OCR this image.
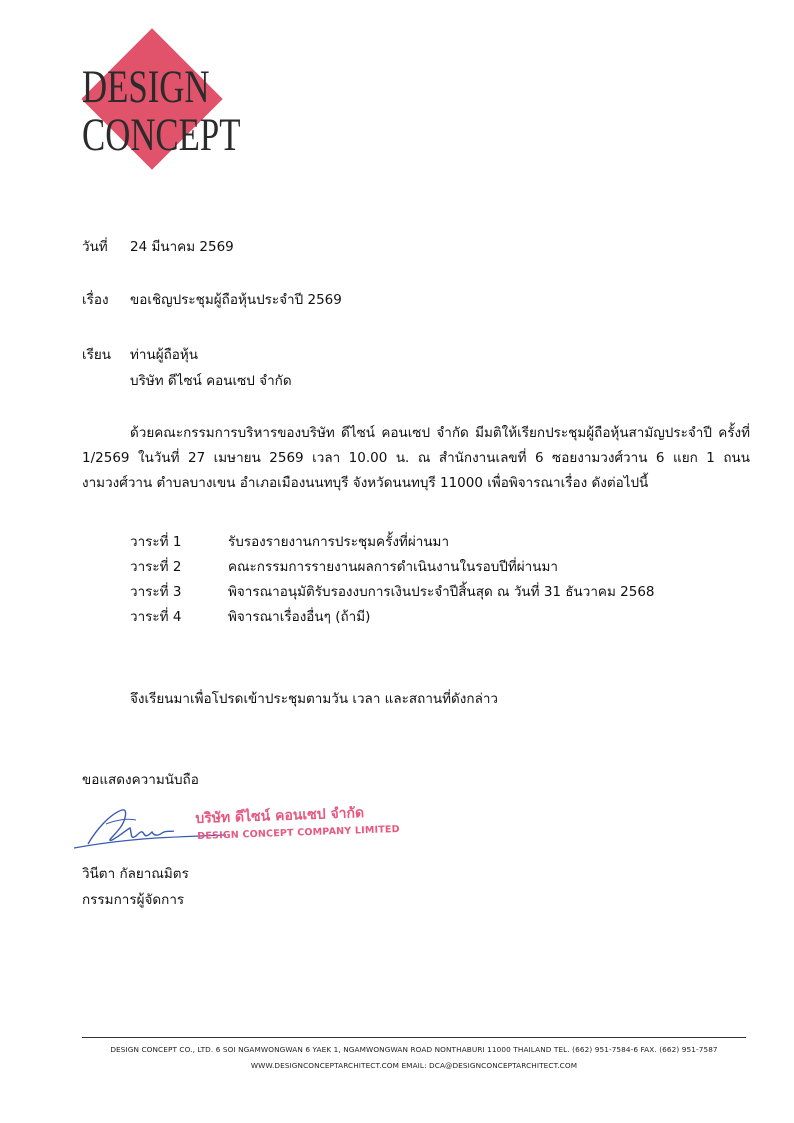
DESIGN
CONCEPT
วันที่ 24 มีนาคม 2569
เรื่อง ขอเชิญประชุมผู้ถือหุ้นประจำปี 2569
เรียน ท่านผู้ถือหุ้น
บริษัท ดีไซน์ คอนเซป จำกัด
ด้วยคณะกรรมการบริหารของบริษัท ดีไซน์ คอนเซป จำกัด มีมติให้เรียกประชุมผู้ถือหุ้นสามัญประจำปี ครั้งที่ 1/2569 ในวันที่ 27 เมษายน 2569 เวลา 10.00 น. ณ สำนักงานเลขที่ 6 ซอยงามวงศ์วาน 6 แยก 1 ถนนงามวงศ์วาน ตำบลบางเขน อำเภอเมืองนนทบุรี จังหวัดนนทบุรี 11000 เพื่อพิจารณาเรื่อง ดังต่อไปนี้
วาระที่ 1	รับรองรายงานการประชุมครั้งที่ผ่านมา
วาระที่ 2	คณะกรรมการรายงานผลการดำเนินงานในรอบปีที่ผ่านมา
วาระที่ 3	พิจารณาอนุมัติรับรองงบการเงินประจำปีสิ้นสุด ณ วันที่ 31 ธันวาคม 2568
วาระที่ 4	พิจารณาเรื่องอื่นๆ (ถ้ามี)
จึงเรียนมาเพื่อโปรดเข้าประชุมตามวัน เวลา และสถานที่ดังกล่าว
ขอแสดงความนับถือ
บริษัท ดีไซน์ คอนเซป จำกัด
DESIGN CONCEPT COMPANY LIMITED
วินีตา กัลยาณมิตร
กรรมการผู้จัดการ
DESIGN CONCEPT CO., LTD. 6 SOI NGAMWONGWAN 6 YAEK 1, NGAMWONGWAN ROAD NONTHABURI 11000 THAILAND TEL. (662) 951-7584-6 FAX. (662) 951-7587
WWW.DESIGNCONCEPTARCHITECT.COM EMAIL: DCA@DESIGNCONCEPTARCHITECT.COM
